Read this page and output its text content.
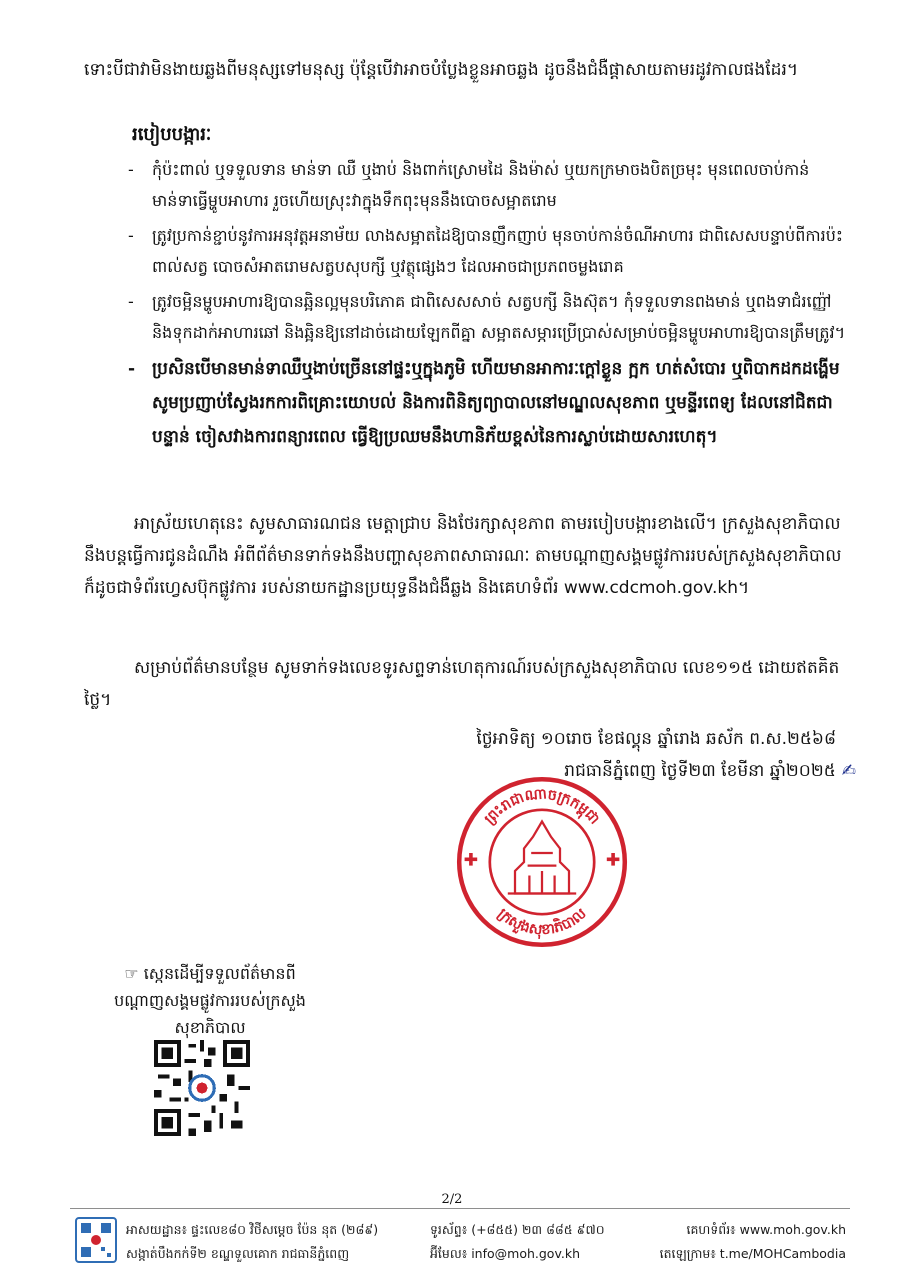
ទោះបីជាវាមិនងាយឆ្លងពីមនុស្សទៅមនុស្ស ប៉ុន្តែបើវាអាចបំប្លែងខ្លួនអាចឆ្លង ដូចនឹងជំងឺផ្តាសាយតាមរដូវកាលផងដែរ។
របៀបបង្ការៈ
- កុំប៉ះពាល់ ឬទទួលទាន មាន់ទា ឈឺ ឬងាប់ និងពាក់ស្រោមដៃ និងម៉ាស់ ឬយកក្រមាចងបិតច្រមុះ មុនពេលចាប់កាន់មាន់ទាធ្វើម្ហូបអាហារ រួចហើយស្រុះវាក្នុងទឹកពុះមុននឹងបោចសម្អាតរោម
- ត្រូវប្រកាន់ខ្ជាប់នូវការអនុវត្តអនាម័យ លាងសម្អាតដៃឱ្យបានញឹកញាប់ មុនចាប់កាន់ចំណីអាហារ ជាពិសេសបន្ទាប់ពីការប៉ះពាល់សត្វ បោចសំអាតរោមសត្វបសុបក្សី ឬវត្ថុផ្សេងៗ ដែលអាចជាប្រភពចម្លងរោគ
- ត្រូវចម្អិនម្ហូបអាហារឱ្យបានឆ្អិនល្អមុនបរិភោគ ជាពិសេសសាច់ សត្វបក្សី និងស៊ុត។ កុំទទួលទានពងមាន់ ឬពងទាជំរញ្ញ៉ៅ និងទុកដាក់អាហារឆៅ និងឆ្អិនឱ្យនៅដាច់ដោយឡែកពីគ្នា សម្អាតសម្ភារប្រើប្រាស់សម្រាប់ចម្អិនម្ហូបអាហារឱ្យបានត្រឹមត្រូវ។
- ប្រសិនបើមានមាន់ទាឈឺឬងាប់ច្រើននៅផ្ទះឬក្នុងភូមិ ហើយមានអាការៈក្តៅខ្លួន ក្អក ហត់សំបោរ ឬពិបាកដកដង្ហើម សូមប្រញាប់ស្វែងរកការពិគ្រោះយោបល់ និងការពិនិត្យព្យាបាលនៅមណ្ឌលសុខភាព ឬមន្ទីរពេទ្យ ដែលនៅជិតជាបន្ទាន់ ចៀសវាងការពន្យារពេល ធ្វើឱ្យប្រឈមនឹងហានិភ័យខ្ពស់នៃការស្លាប់ដោយសារហេតុ។
អាស្រ័យហេតុនេះ សូមសាធារណជន មេត្តាជ្រាប និងថែរក្សាសុខភាព តាមរបៀបបង្ការខាងលើ។ ក្រសួងសុខាភិបាលនឹងបន្តធ្វើការជូនដំណឹង អំពីព័ត៌មានទាក់ទងនឹងបញ្ហាសុខភាពសាធារណៈ តាមបណ្តាញសង្គមផ្លូវការរបស់ក្រសួងសុខាភិបាល ក៏ដូចជាទំព័រហ្វេសប៊ុកផ្លូវការ របស់នាយកដ្ឋានប្រយុទ្ធនឹងជំងឺឆ្លង និងគេហទំព័រ www.cdcmoh.gov.kh។
សម្រាប់ព័ត៌មានបន្ថែម សូមទាក់ទងលេខទូរសព្ទទាន់ហេតុការណ៍របស់ក្រសួងសុខាភិបាល លេខ១១៥ ដោយឥតគិតថ្លៃ។
ថ្ងៃអាទិត្យ ១០រោច ខែផល្គុន ឆ្នាំរោង ឆស័ក ព.ស.២៥៦៨
រាជធានីភ្នំពេញ ថ្ងៃទី២៣ ខែមីនា ឆ្នាំ២០២៥ ✍
ព្រះរាជាណាចក្រកម្ពុជា
ក្រសួងសុខាភិបាល
☞ ស្កេនដើម្បីទទួលព័ត៌មានពីបណ្តាញសង្គមផ្លូវការរបស់ក្រសួងសុខាភិបាល
2/2
អាសយដ្ឋាន៖ ផ្ទះលេខ៨០ វិថីសម្ដេច ប៉ែន នុត (២៨៩)
សង្កាត់បឹងកក់ទី២ ខណ្ឌទួលគោក រាជធានីភ្នំពេញ
ទូរស័ព្ទ៖ (+៨៥៥) ២៣ ៨៨៥ ៩៧០
អ៊ីមែល៖ info@moh.gov.kh
គេហទំព័រ៖ www.moh.gov.kh
តេឡេក្រាម៖ t.me/MOHCambodia
